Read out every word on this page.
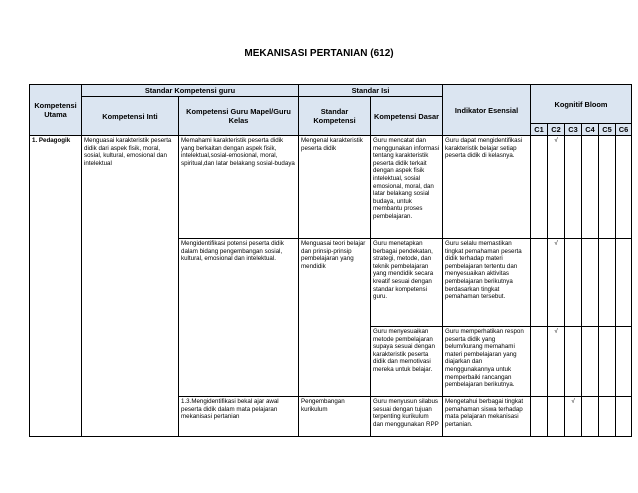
MEKANISASI PERTANIAN (612)
Kompetensi Utama	Standar Kompetensi guru		Standar Isi		Indikator Esensial	Kognitif Bloom					
	Kompetensi Inti	Kompetensi Guru Mapel/Guru Kelas	Standar Kompetensi	Kompetensi Dasar							
						C1	C2	C3	C4	C5	C6
1. Pedagogik	Menguasai karakteristik peserta didik dari aspek fisik, moral, sosial, kultural, emosional dan intelektual	Memahami karakteristik peserta didik yang berkaitan dengan aspek fisik, intelektual,sosial-emosional, moral, spiritual,dan latar belakang sosial-budaya	Mengenal karakteristik peserta didik	Guru mencatat dan menggunakan informasi tentang karakteristik peserta didik terkait dengan aspek fisik intelektual, sosial emosional, moral, dan latar belakang sosial budaya, untuk membantu proses pembelajaran.	Guru dapat mengidentifikasi karakteristik belajar setiap peserta didik di kelasnya.		√				
		Mengidentifikasi potensi peserta didik dalam bidang pengembangan sosial, kultural, emosional dan intelektual.	Menguasai teori belajar dan prinsip-prinsip pembelajaran yang mendidik	Guru menetapkan berbagai pendekatan, strategi, metode, dan teknik pembelajaran yang mendidik secara kreatif sesuai dengan standar kompetensi guru.	Guru selalu memastikan tingkat pemahaman peserta didik terhadap materi pembelajaran tertentu dan menyesuaikan aktivitas pembelajaran berikutnya berdasarkan tingkat pemahaman tersebut.		√				
				Guru menyesuaikan metode pembelajaran supaya sesuai dengan karakteristik peserta didik dan memotivasi mereka untuk belajar.	Guru memperhatikan respon peserta didik yang belum/kurang memahami materi pembelajaran yang diajarkan dan menggunakannya untuk memperbaiki rancangan pembelajaran berikutnya.		√				
		1.3.Mengidentifikasi bekal ajar awal peserta didik dalam mata pelajaran mekanisasi pertanian	Pengembangan kurikulum	Guru menyusun silabus sesuai dengan tujuan terpenting kurikulum dan menggunakan RPP	Mengetahui berbagai tingkat pemahaman siswa terhadap mata pelajaran mekanisasi pertanian.			√			
